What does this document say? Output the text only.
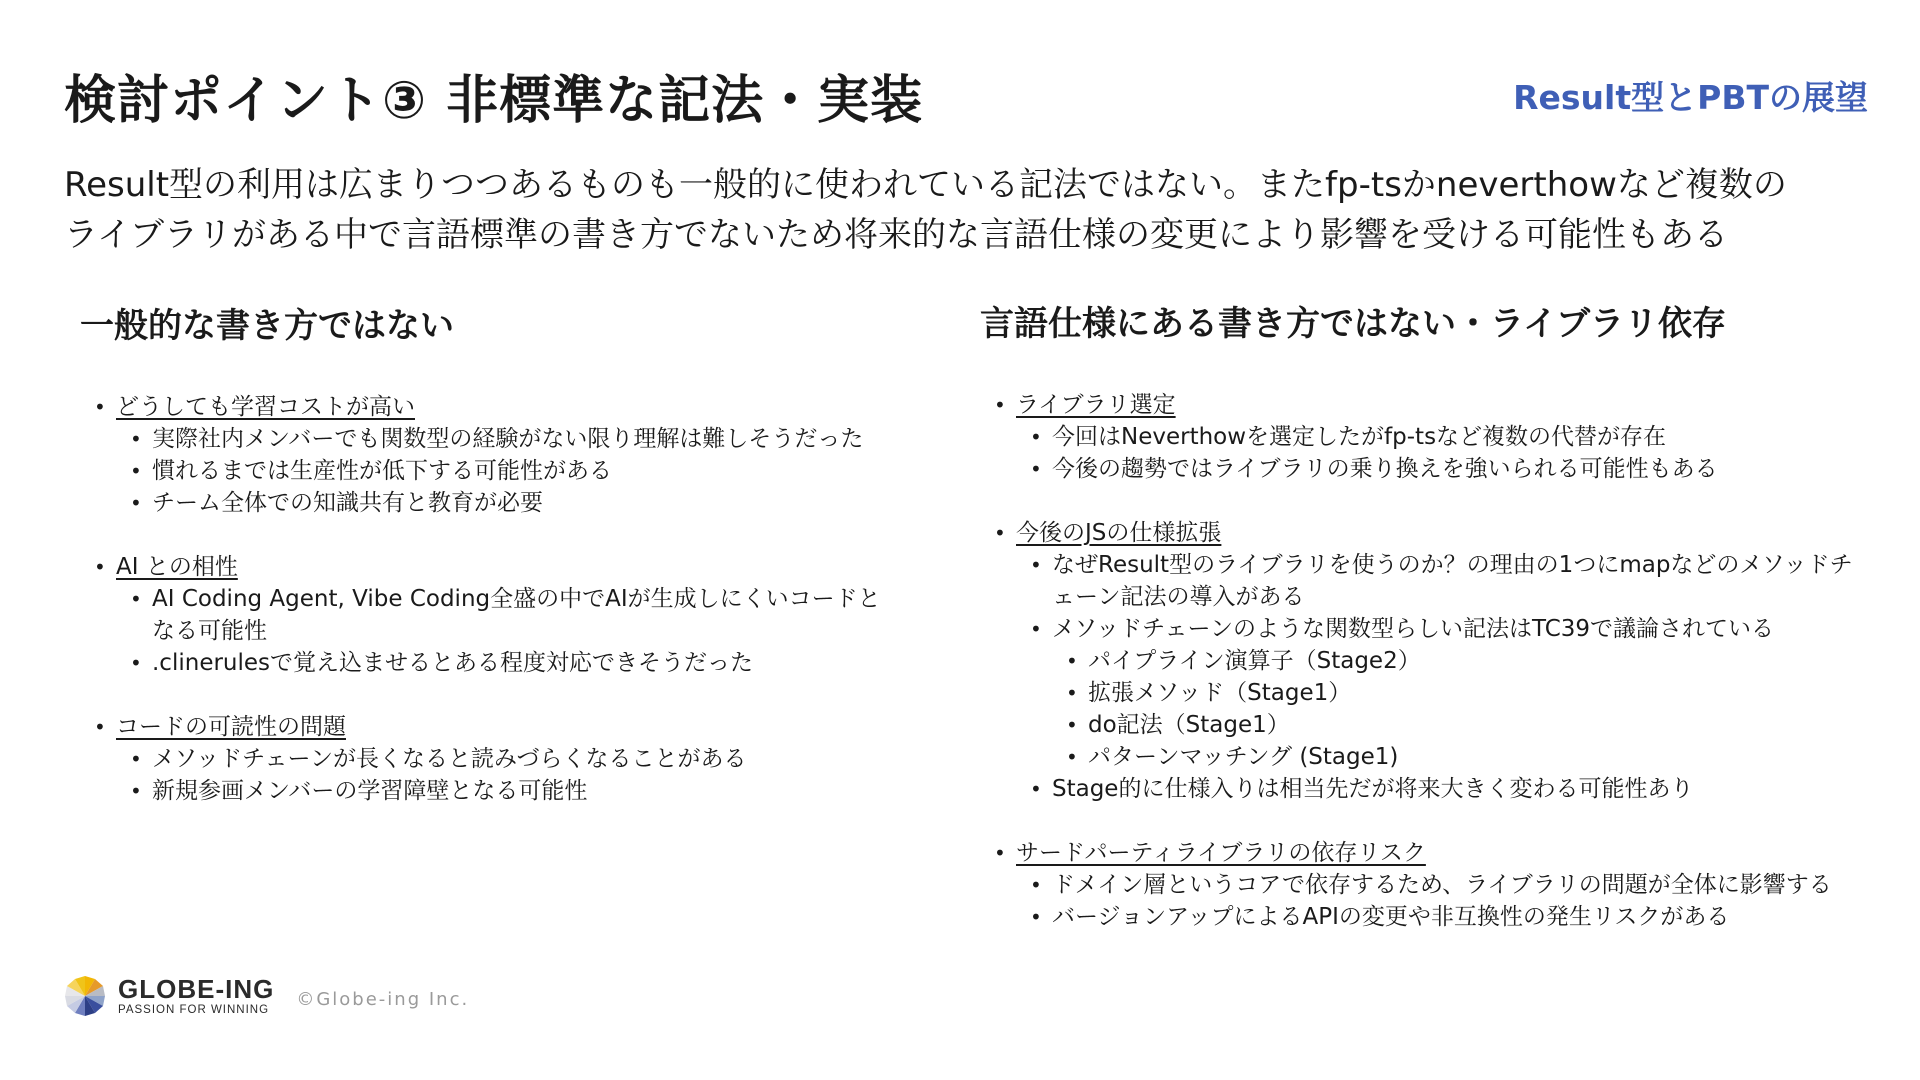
検討ポイント③ 非標準な記法・実装	Result型とPBTの展望
Result型の利用は広まりつつあるものも一般的に使われている記法ではない。またfp-tsかneverthowなど複数の
ライブラリがある中で言語標準の書き方でないため将来的な言語仕様の変更により影響を受ける可能性もある
一般的な書き方ではない
• どうしても学習コストが高い
• 実際社内メンバーでも関数型の経験がない限り理解は難しそうだった
• 慣れるまでは生産性が低下する可能性がある
• チーム全体での知識共有と教育が必要
• AI との相性
• AI Coding Agent, Vibe Coding全盛の中でAIが生成しにくいコードとなる可能性
• .clinerulesで覚え込ませるとある程度対応できそうだった
• コードの可読性の問題
• メソッドチェーンが長くなると読みづらくなることがある
• 新規参画メンバーの学習障壁となる可能性
言語仕様にある書き方ではない・ライブラリ依存
• ライブラリ選定
• 今回はNeverthowを選定したがfp-tsなど複数の代替が存在
• 今後の趨勢ではライブラリの乗り換えを強いられる可能性もある
• 今後のJSの仕様拡張
• なぜResult型のライブラリを使うのか？の理由の1つにmapなどのメソッドチェーン記法の導入がある
• メソッドチェーンのような関数型らしい記法はTC39で議論されている
• パイプライン演算子（Stage2）
• 拡張メソッド（Stage1）
• do記法（Stage1）
• パターンマッチング (Stage1)
• Stage的に仕様入りは相当先だが将来大きく変わる可能性あり
• サードパーティライブラリの依存リスク
• ドメイン層というコアで依存するため、ライブラリの問題が全体に影響する
• バージョンアップによるAPIの変更や非互換性の発生リスクがある
GLOBE-ING
PASSION FOR WINNING
©Globe-ing Inc.
